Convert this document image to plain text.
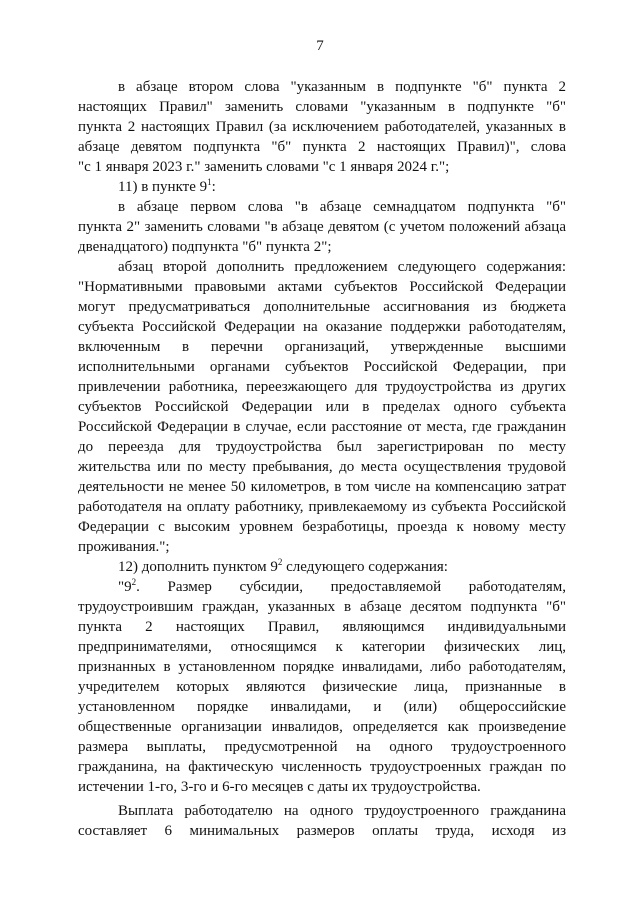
7
в абзаце втором слова "указанным в подпункте "б" пункта 2
настоящих Правил" заменить словами "указанным в подпункте "б"
пункта 2 настоящих Правил (за исключением работодателей, указанных в
абзаце девятом подпункта "б" пункта 2 настоящих Правил)", слова
"с 1 января 2023 г." заменить словами "с 1 января 2024 г.";
11) в пункте $9^1$:
в абзаце первом слова "в абзаце семнадцатом подпункта "б"
пункта 2" заменить словами "в абзаце девятом (с учетом положений абзаца
двенадцатого) подпункта "б" пункта 2";
абзац второй дополнить предложением следующего содержания:
"Нормативными правовыми актами субъектов Российской Федерации
могут предусматриваться дополнительные ассигнования из бюджета
субъекта Российской Федерации на оказание поддержки работодателям,
включенным в перечни организаций, утвержденные высшими
исполнительными органами субъектов Российской Федерации, при
привлечении работника, переезжающего для трудоустройства из других
субъектов Российской Федерации или в пределах одного субъекта
Российской Федерации в случае, если расстояние от места, где гражданин
до переезда для трудоустройства был зарегистрирован по месту
жительства или по месту пребывания, до места осуществления трудовой
деятельности не менее 50 километров, в том числе на компенсацию затрат
работодателя на оплату работнику, привлекаемому из субъекта Российской
Федерации с высоким уровнем безработицы, проезда к новому месту
проживания.";
12) дополнить пунктом $9^2$ следующего содержания:
"$9^2$. Размер субсидии, предоставляемой работодателям,
трудоустроившим граждан, указанных в абзаце десятом подпункта "б"
пункта 2 настоящих Правил, являющимся индивидуальными
предпринимателями, относящимся к категории физических лиц,
признанных в установленном порядке инвалидами, либо работодателям,
учредителем которых являются физические лица, признанные в
установленном порядке инвалидами, и (или) общероссийские
общественные организации инвалидов, определяется как произведение
размера выплаты, предусмотренной на одного трудоустроенного
гражданина, на фактическую численность трудоустроенных граждан по
истечении 1-го, 3-го и 6-го месяцев с даты их трудоустройства.
Выплата работодателю на одного трудоустроенного гражданина
составляет 6 минимальных размеров оплаты труда, исходя из
